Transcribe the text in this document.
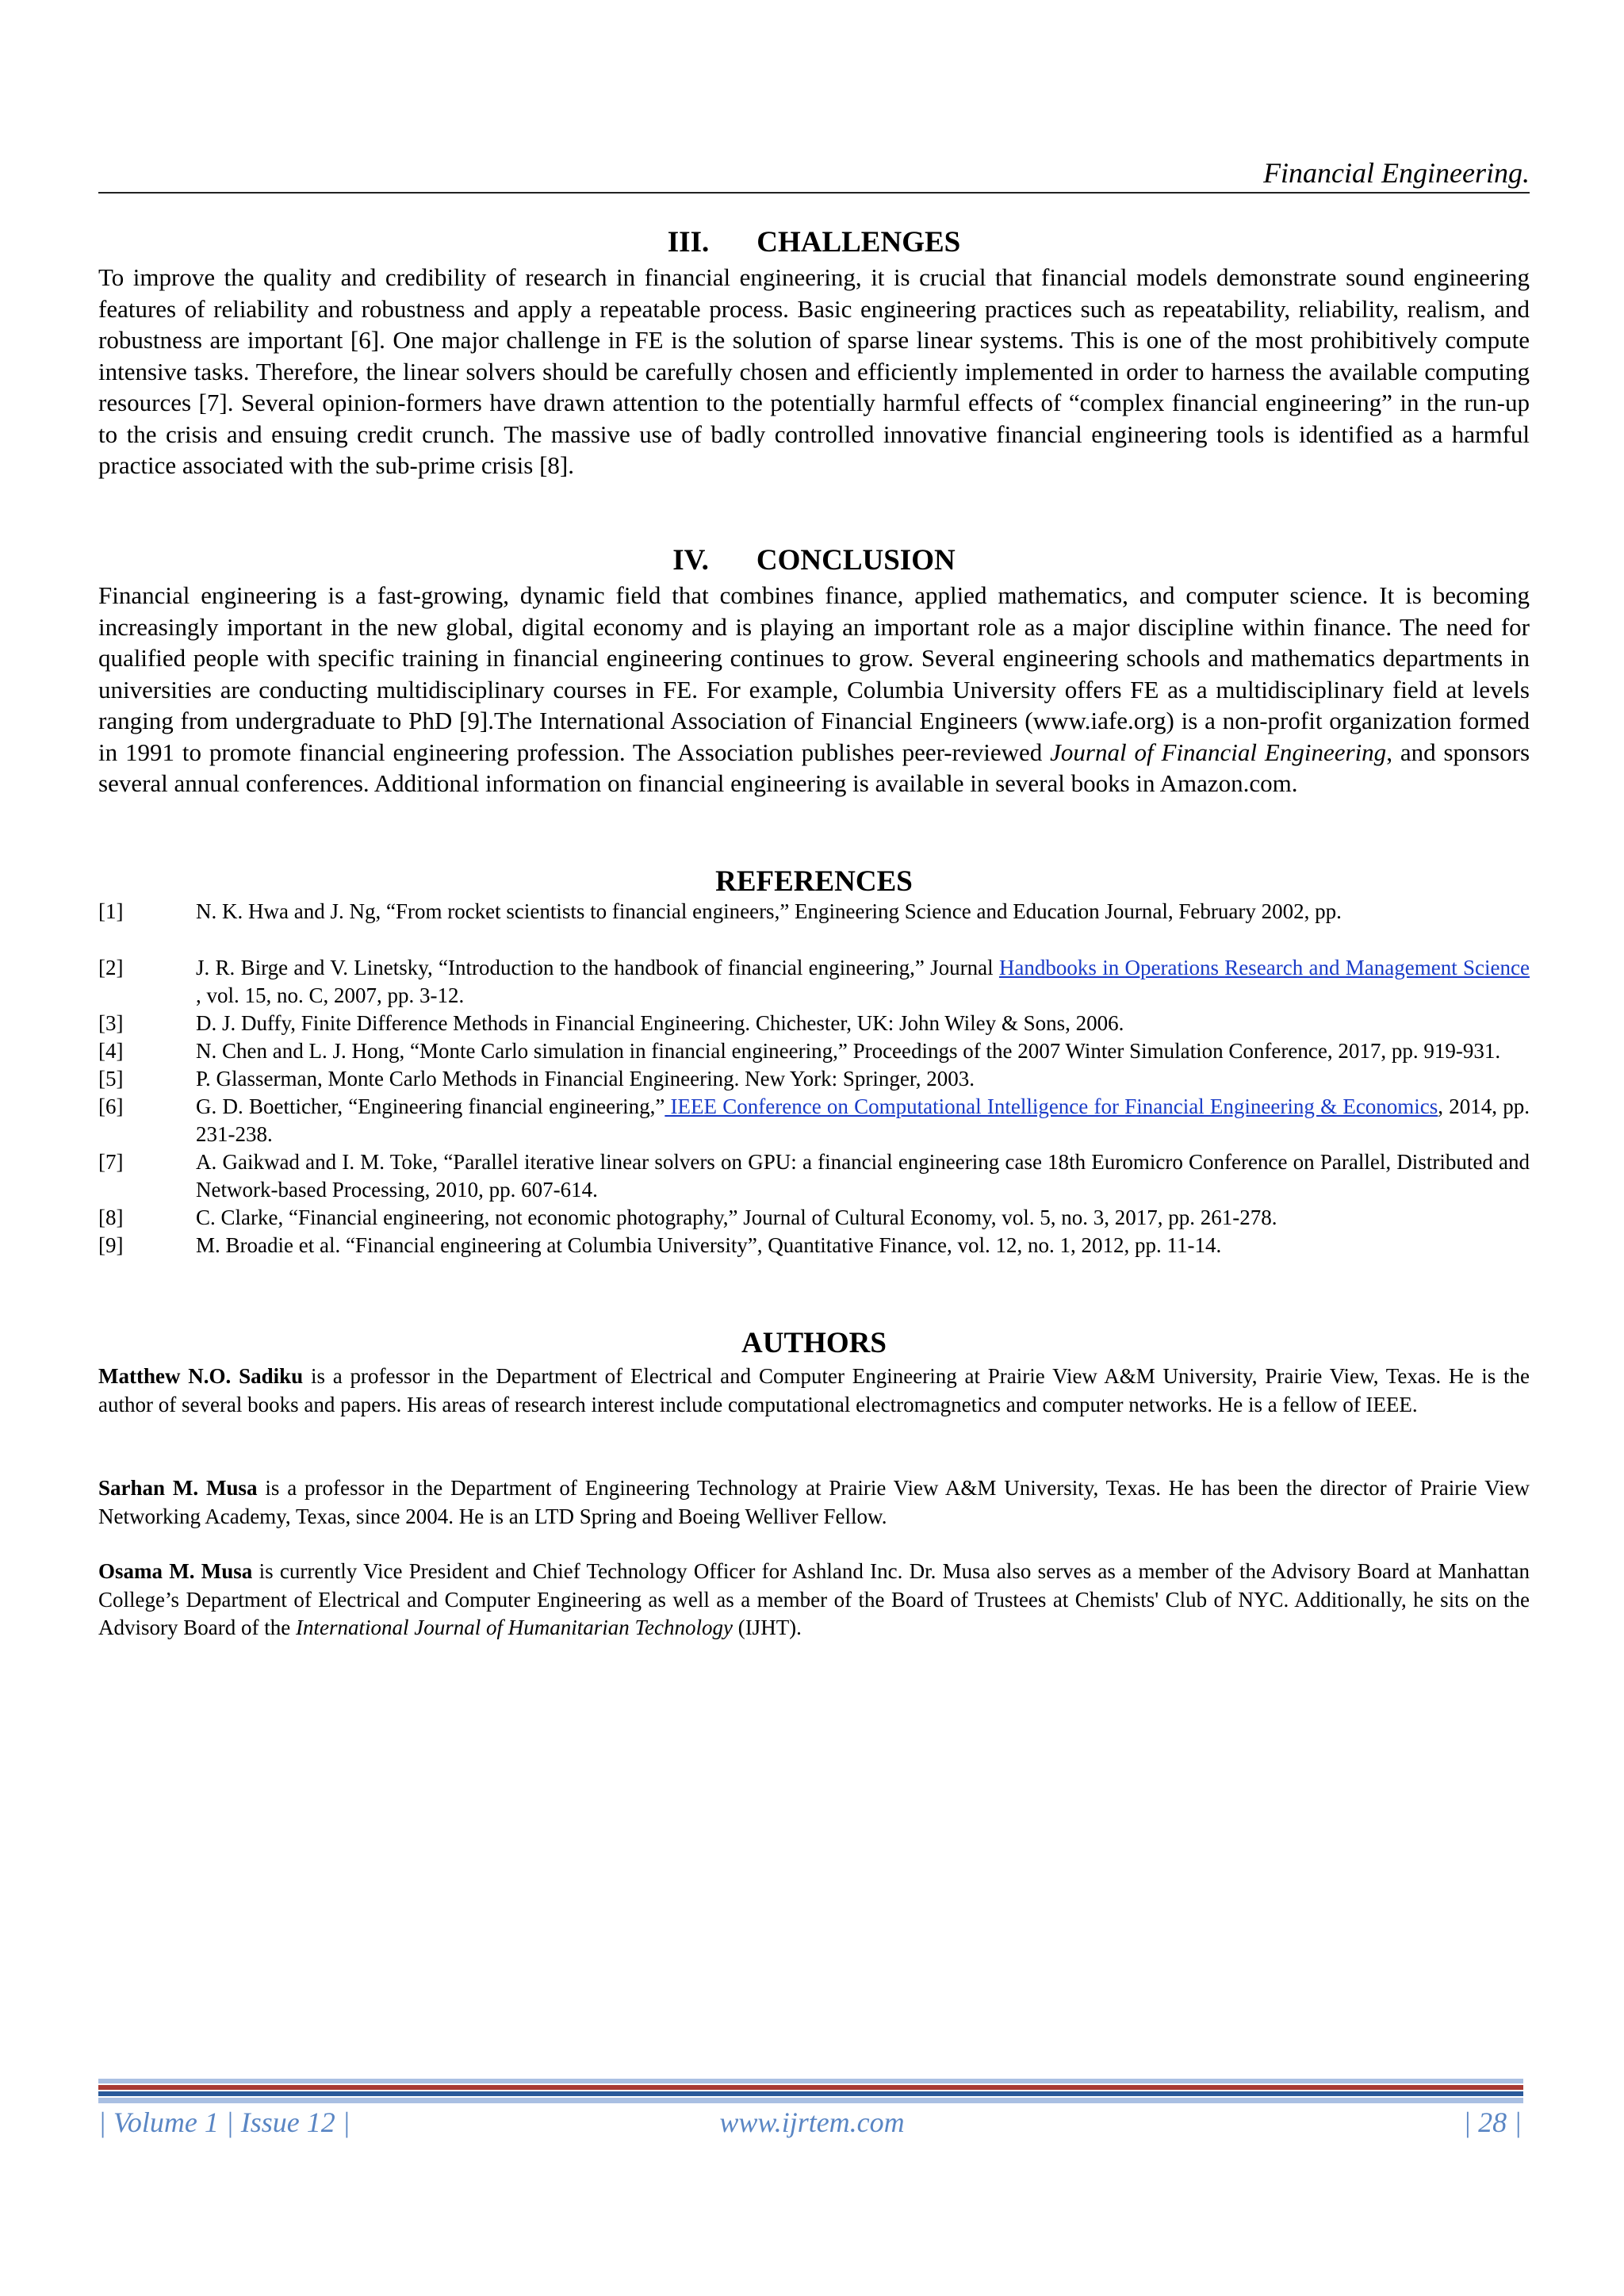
Financial Engineering.
III. CHALLENGES
To improve the quality and credibility of research in financial engineering, it is crucial that financial models demonstrate sound engineering features of reliability and robustness and apply a repeatable process. Basic engineering practices such as repeatability, reliability, realism, and robustness are important [6]. One major challenge in FE is the solution of sparse linear systems. This is one of the most prohibitively compute intensive tasks. Therefore, the linear solvers should be carefully chosen and efficiently implemented in order to harness the available computing resources [7]. Several opinion-formers have drawn attention to the potentially harmful effects of “complex financial engineering” in the run-up to the crisis and ensuing credit crunch. The massive use of badly controlled innovative financial engineering tools is identified as a harmful practice associated with the sub-prime crisis [8].
IV. CONCLUSION
Financial engineering is a fast-growing, dynamic field that combines finance, applied mathematics, and computer science. It is becoming increasingly important in the new global, digital economy and is playing an important role as a major discipline within finance. The need for qualified people with specific training in financial engineering continues to grow. Several engineering schools and mathematics departments in universities are conducting multidisciplinary courses in FE. For example, Columbia University offers FE as a multidisciplinary field at levels ranging from undergraduate to PhD [9].The International Association of Financial Engineers (www.iafe.org) is a non-profit organization formed in 1991 to promote financial engineering profession. The Association publishes peer-reviewed Journal of Financial Engineering, and sponsors several annual conferences. Additional information on financial engineering is available in several books in Amazon.com.
REFERENCES
[1]	N. K. Hwa and J. Ng, “From rocket scientists to financial engineers,” Engineering Science and Education Journal, February 2002, pp.
[2]	J. R. Birge and V. Linetsky, “Introduction to the handbook of financial engineering,” Journal Handbooks in Operations Research and Management Science , vol. 15, no. C, 2007, pp. 3-12.
[3]	D. J. Duffy, Finite Difference Methods in Financial Engineering. Chichester, UK: John Wiley & Sons, 2006.
[4]	N. Chen and L. J. Hong, “Monte Carlo simulation in financial engineering,” Proceedings of the 2007 Winter Simulation Conference, 2017, pp. 919-931.
[5]	P. Glasserman, Monte Carlo Methods in Financial Engineering. New York: Springer, 2003.
[6]	G. D. Boetticher, “Engineering financial engineering,” IEEE Conference on Computational Intelligence for Financial Engineering & Economics, 2014, pp. 231-238.
[7]	A. Gaikwad and I. M. Toke, “Parallel iterative linear solvers on GPU: a financial engineering case 18th Euromicro Conference on Parallel, Distributed and Network-based Processing, 2010, pp. 607-614.
[8]	C. Clarke, “Financial engineering, not economic photography,” Journal of Cultural Economy, vol. 5, no. 3, 2017, pp. 261-278.
[9]	M. Broadie et al. “Financial engineering at Columbia University”, Quantitative Finance, vol. 12, no. 1, 2012, pp. 11-14.
AUTHORS
Matthew N.O. Sadiku is a professor in the Department of Electrical and Computer Engineering at Prairie View A&M University, Prairie View, Texas. He is the author of several books and papers. His areas of research interest include computational electromagnetics and computer networks. He is a fellow of IEEE.
Sarhan M. Musa is a professor in the Department of Engineering Technology at Prairie View A&M University, Texas. He has been the director of Prairie View Networking Academy, Texas, since 2004. He is an LTD Spring and Boeing Welliver Fellow.
Osama M. Musa is currently Vice President and Chief Technology Officer for Ashland Inc. Dr. Musa also serves as a member of the Advisory Board at Manhattan College’s Department of Electrical and Computer Engineering as well as a member of the Board of Trustees at Chemists' Club of NYC. Additionally, he sits on the Advisory Board of the International Journal of Humanitarian Technology (IJHT).
| Volume 1 | Issue 12 |	www.ijrtem.com	| 28 |
